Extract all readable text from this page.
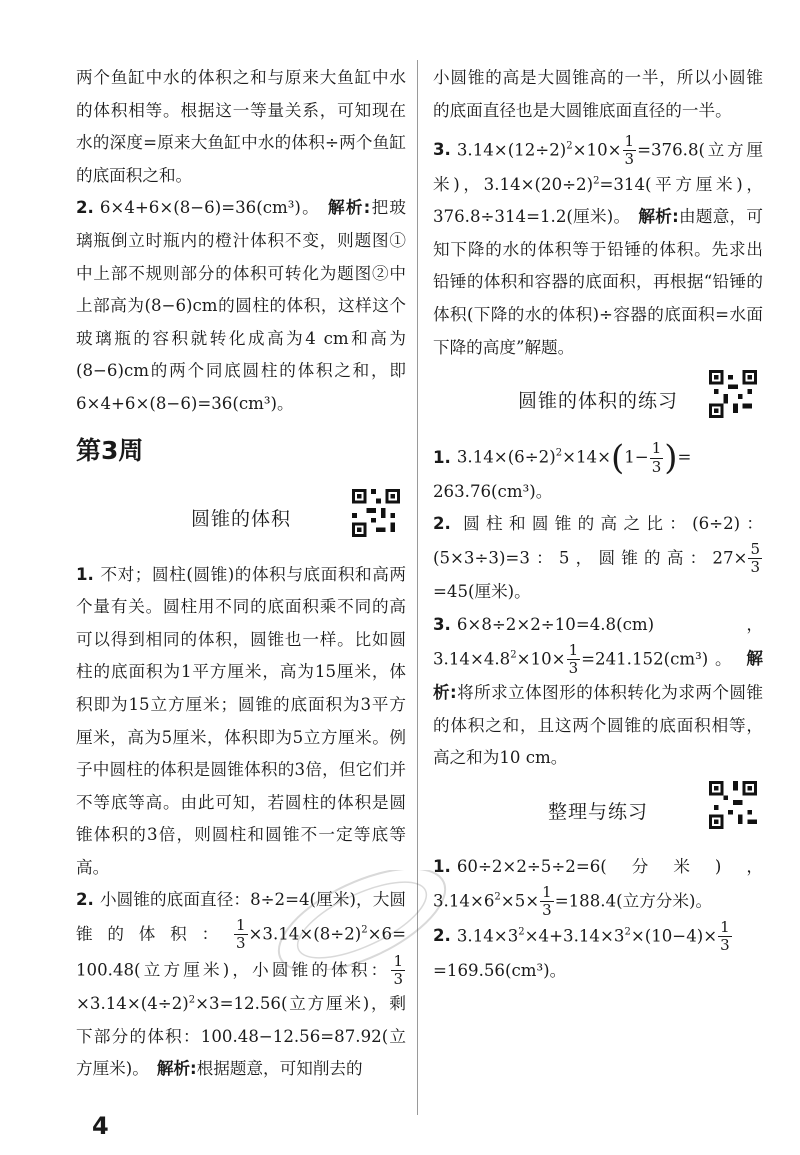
两个鱼缸中水的体积之和与原来大鱼缸中水的体积相等。根据这一等量关系，可知现在水的深度=原来大鱼缸中水的体积÷两个鱼缸的底面积之和。

2. 6×4+6×(8−6)=36(cm³)。 解析:把玻璃瓶倒立时瓶内的橙汁体积不变，则题图①中上部不规则部分的体积可转化为题图②中上部高为(8−6)cm的圆柱的体积，这样这个玻璃瓶的容积就转化成高为4 cm和高为(8−6)cm的两个同底圆柱的体积之和，即6×4+6×(8−6)=36(cm³)。

第3周
圆锥的体积

1. 不对；圆柱(圆锥)的体积与底面积和高两个量有关。圆柱用不同的底面积乘不同的高可以得到相同的体积，圆锥也一样。比如圆柱的底面积为1平方厘米，高为15厘米，体积即为15立方厘米；圆锥的底面积为3平方厘米，高为5厘米，体积即为5立方厘米。例子中圆柱的体积是圆锥体积的3倍，但它们并不等底等高。由此可知，若圆柱的体积是圆锥体积的3倍，则圆柱和圆锥不一定等底等高。

2. 小圆锥的底面直径：8÷2=4(厘米)，大圆锥的体积： $\frac{1}{3} \times 3.14\times(8\div 2)^2\times 6= 100.48$(立方厘米)，小圆锥的体积： $\frac{1}{3}$
$\times 3.14\times(4\div 2)^2\times 3=12.56$(立方厘米)，剩下部分的体积：100.48−12.56=87.92(立方厘米)。 解析:根据题意，可知削去的

小圆锥的高是大圆锥高的一半，所以小圆锥的底面直径也是大圆锥底面直径的一半。

3. $3.14\times(12\div 2)^2\times 10\times \frac{1}{3} =376.8$(立方厘米)，$3.14\times(20\div 2)^2=314$(平方厘米)，376.8÷314=1.2(厘米)。 解析:由题意，可知下降的水的体积等于铅锤的体积。先求出铅锤的体积和容器的底面积，再根据“铅锤的体积(下降的水的体积)÷容器的底面积=水面下降的高度”解题。

圆锥的体积的练习

1. $3.14\times(6\div 2)^2\times 14\times(1- \frac{1}{3}$ )=

263.76(cm³)。

2. 圆柱和圆锥的高之比：(6÷2)：(5×3÷3)=3：5，圆锥的高：$27\times \frac{5}{3}$
=45(厘米)。

3. 6×8÷2×2÷10=4.8(cm)，$3.14\times 4.8^2\times 10\times \frac{1}{3} =241.152(cm^3)$。 解析:将所求立体图形的体积转化为求两个圆锥的体积之和，且这两个圆锥的底面积相等，高之和为10 cm。

整理与练习

1. 60÷2×2÷5÷2=6(分米)，$3.14\times 6^2\times 5\times \frac{1}{3} =188.4$(立方分米)。

2. $3.14\times 3^2\times 4+3.14\times 3^2\times(10-4)\times \frac{1}{3}$
=169.56(cm³)。

4
